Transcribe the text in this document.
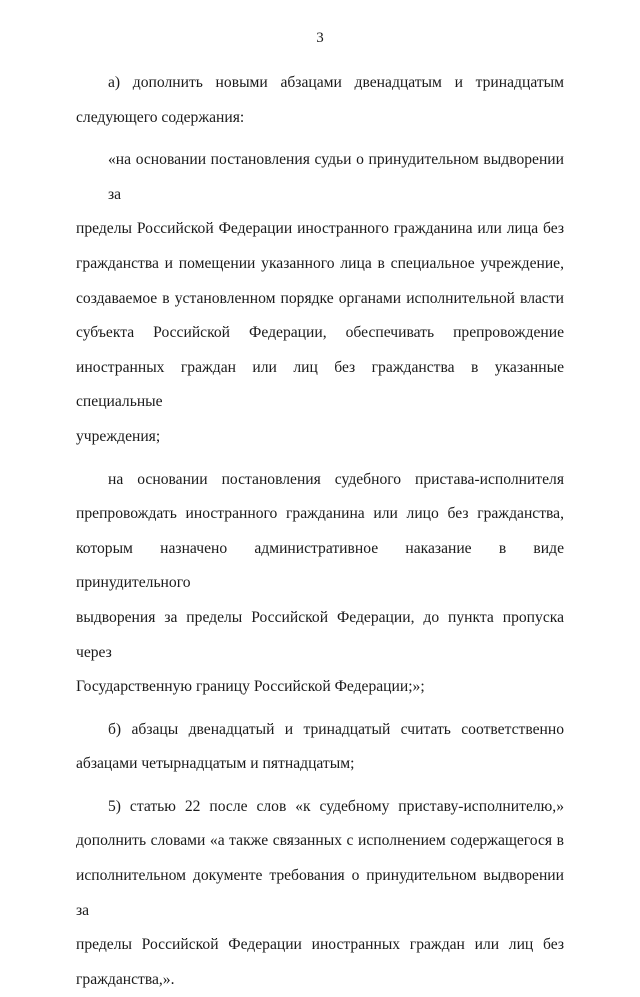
3

а) дополнить новыми абзацами двенадцатым и тринадцатым
следующего содержания:

«на основании постановления судьи о принудительном выдворении за
пределы Российской Федерации иностранного гражданина или лица без
гражданства и помещении указанного лица в специальное учреждение,
создаваемое в установленном порядке органами исполнительной власти
субъекта Российской Федерации, обеспечивать препровождение
иностранных граждан или лиц без гражданства в указанные специальные
учреждения;

на основании постановления судебного пристава-исполнителя
препровождать иностранного гражданина или лицо без гражданства,
которым назначено административное наказание в виде принудительного
выдворения за пределы Российской Федерации, до пункта пропуска через
Государственную границу Российской Федерации;»;

б) абзацы двенадцатый и тринадцатый считать соответственно
абзацами четырнадцатым и пятнадцатым;

5) статью 22 после слов «к судебному приставу-исполнителю,»
дополнить словами «а также связанных с исполнением содержащегося в
исполнительном документе требования о принудительном выдворении за
пределы Российской Федерации иностранных граждан или лиц без
гражданства,».
